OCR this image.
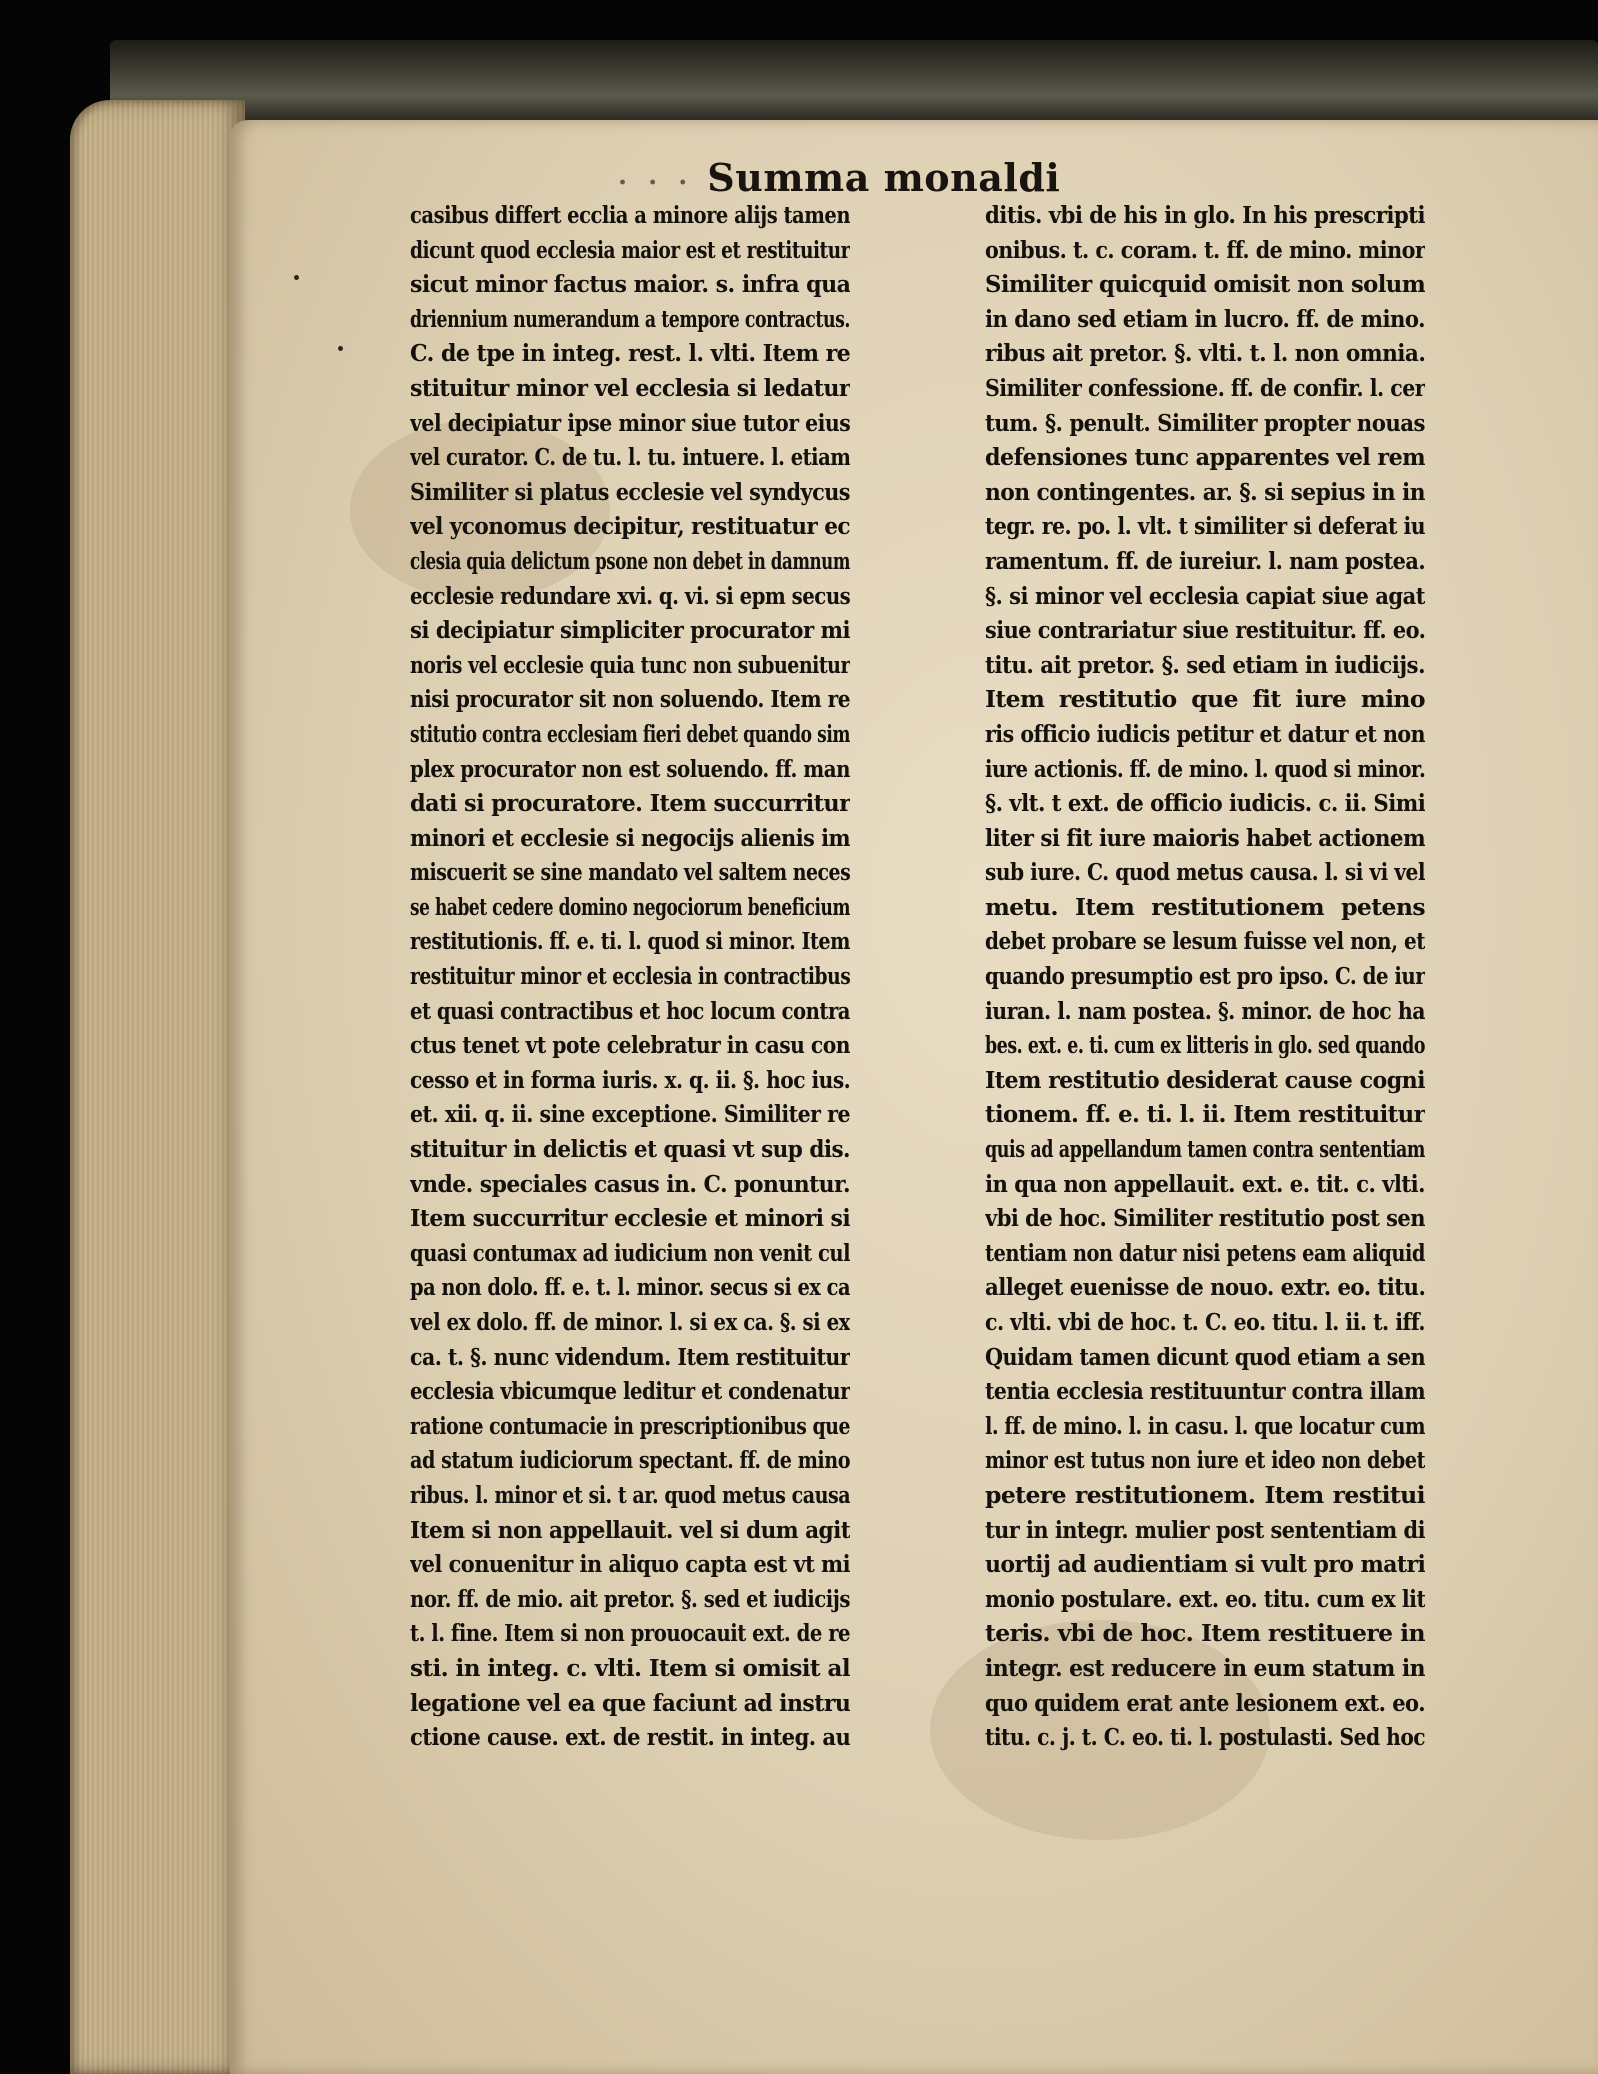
· · · Summa monaldi
casibus differt ecclia a minore alijs tamen
dicunt quod ecclesia maior est et restituitur
sicut minor factus maior. s. infra qua
driennium numerandum a tempore contractus.
C. de tpe in integ. rest. l. vlti. Item re
stituitur minor vel ecclesia si ledatur
vel decipiatur ipse minor siue tutor eius
vel curator. C. de tu. l. tu. intuere. l. etiam
Similiter si platus ecclesie vel syndycus
vel yconomus decipitur, restituatur ec
clesia quia delictum psone non debet in damnum
ecclesie redundare xvi. q. vi. si epm secus
si decipiatur simpliciter procurator mi
noris vel ecclesie quia tunc non subuenitur
nisi procurator sit non soluendo. Item re
stitutio contra ecclesiam fieri debet quando sim
plex procurator non est soluendo. ff. man
dati si procuratore. Item succurritur
minori et ecclesie si negocijs alienis im
miscuerit se sine mandato vel saltem neces
se habet cedere domino negociorum beneficium
restitutionis. ff. e. ti. l. quod si minor. Item
restituitur minor et ecclesia in contractibus
et quasi contractibus et hoc locum contra
ctus tenet vt pote celebratur in casu con
cesso et in forma iuris. x. q. ii. §. hoc ius.
et. xii. q. ii. sine exceptione. Similiter re
stituitur in delictis et quasi vt sup dis.
vnde. speciales casus in. C. ponuntur.
Item succurritur ecclesie et minori si
quasi contumax ad iudicium non venit cul
pa non dolo. ff. e. t. l. minor. secus si ex ca
vel ex dolo. ff. de minor. l. si ex ca. §. si ex
ca. t. §. nunc videndum. Item restituitur
ecclesia vbicumque leditur et condenatur
ratione contumacie in prescriptionibus que
ad statum iudiciorum spectant. ff. de mino
ribus. l. minor et si. t ar. quod metus causa
Item si non appellauit. vel si dum agit
vel conuenitur in aliquo capta est vt mi
nor. ff. de mio. ait pretor. §. sed et iudicijs
t. l. fine. Item si non prouocauit ext. de re
sti. in integ. c. vlti. Item si omisit al
legatione vel ea que faciunt ad instru
ctione cause. ext. de restit. in integ. au
ditis. vbi de his in glo. In his prescripti
onibus. t. c. coram. t. ff. de mino. minor
Similiter quicquid omisit non solum
in dano sed etiam in lucro. ff. de mino.
ribus ait pretor. §. vlti. t. l. non omnia.
Similiter confessione. ff. de confir. l. cer
tum. §. penult. Similiter propter nouas
defensiones tunc apparentes vel rem
non contingentes. ar. §. si sepius in in
tegr. re. po. l. vlt. t similiter si deferat iu
ramentum. ff. de iureiur. l. nam postea.
§. si minor vel ecclesia capiat siue agat
siue contrariatur siue restituitur. ff. eo.
titu. ait pretor. §. sed etiam in iudicijs.
Item restitutio que fit iure mino
ris officio iudicis petitur et datur et non
iure actionis. ff. de mino. l. quod si minor.
§. vlt. t ext. de officio iudicis. c. ii. Simi
liter si fit iure maioris habet actionem
sub iure. C. quod metus causa. l. si vi vel
metu. Item restitutionem petens
debet probare se lesum fuisse vel non, et
quando presumptio est pro ipso. C. de iur
iuran. l. nam postea. §. minor. de hoc ha
bes. ext. e. ti. cum ex litteris in glo. sed quando
Item restitutio desiderat cause cogni
tionem. ff. e. ti. l. ii. Item restituitur
quis ad appellandum tamen contra sententiam
in qua non appellauit. ext. e. tit. c. vlti.
vbi de hoc. Similiter restitutio post sen
tentiam non datur nisi petens eam aliquid
alleget euenisse de nouo. extr. eo. titu.
c. vlti. vbi de hoc. t. C. eo. titu. l. ii. t. iff.
Quidam tamen dicunt quod etiam a sen
tentia ecclesia restituuntur contra illam
l. ff. de mino. l. in casu. l. que locatur cum
minor est tutus non iure et ideo non debet
petere restitutionem. Item restitui
tur in integr. mulier post sententiam di
uortij ad audientiam si vult pro matri
monio postulare. ext. eo. titu. cum ex lit
teris. vbi de hoc. Item restituere in
integr. est reducere in eum statum in
quo quidem erat ante lesionem ext. eo.
titu. c. j. t. C. eo. ti. l. postulasti. Sed hoc
